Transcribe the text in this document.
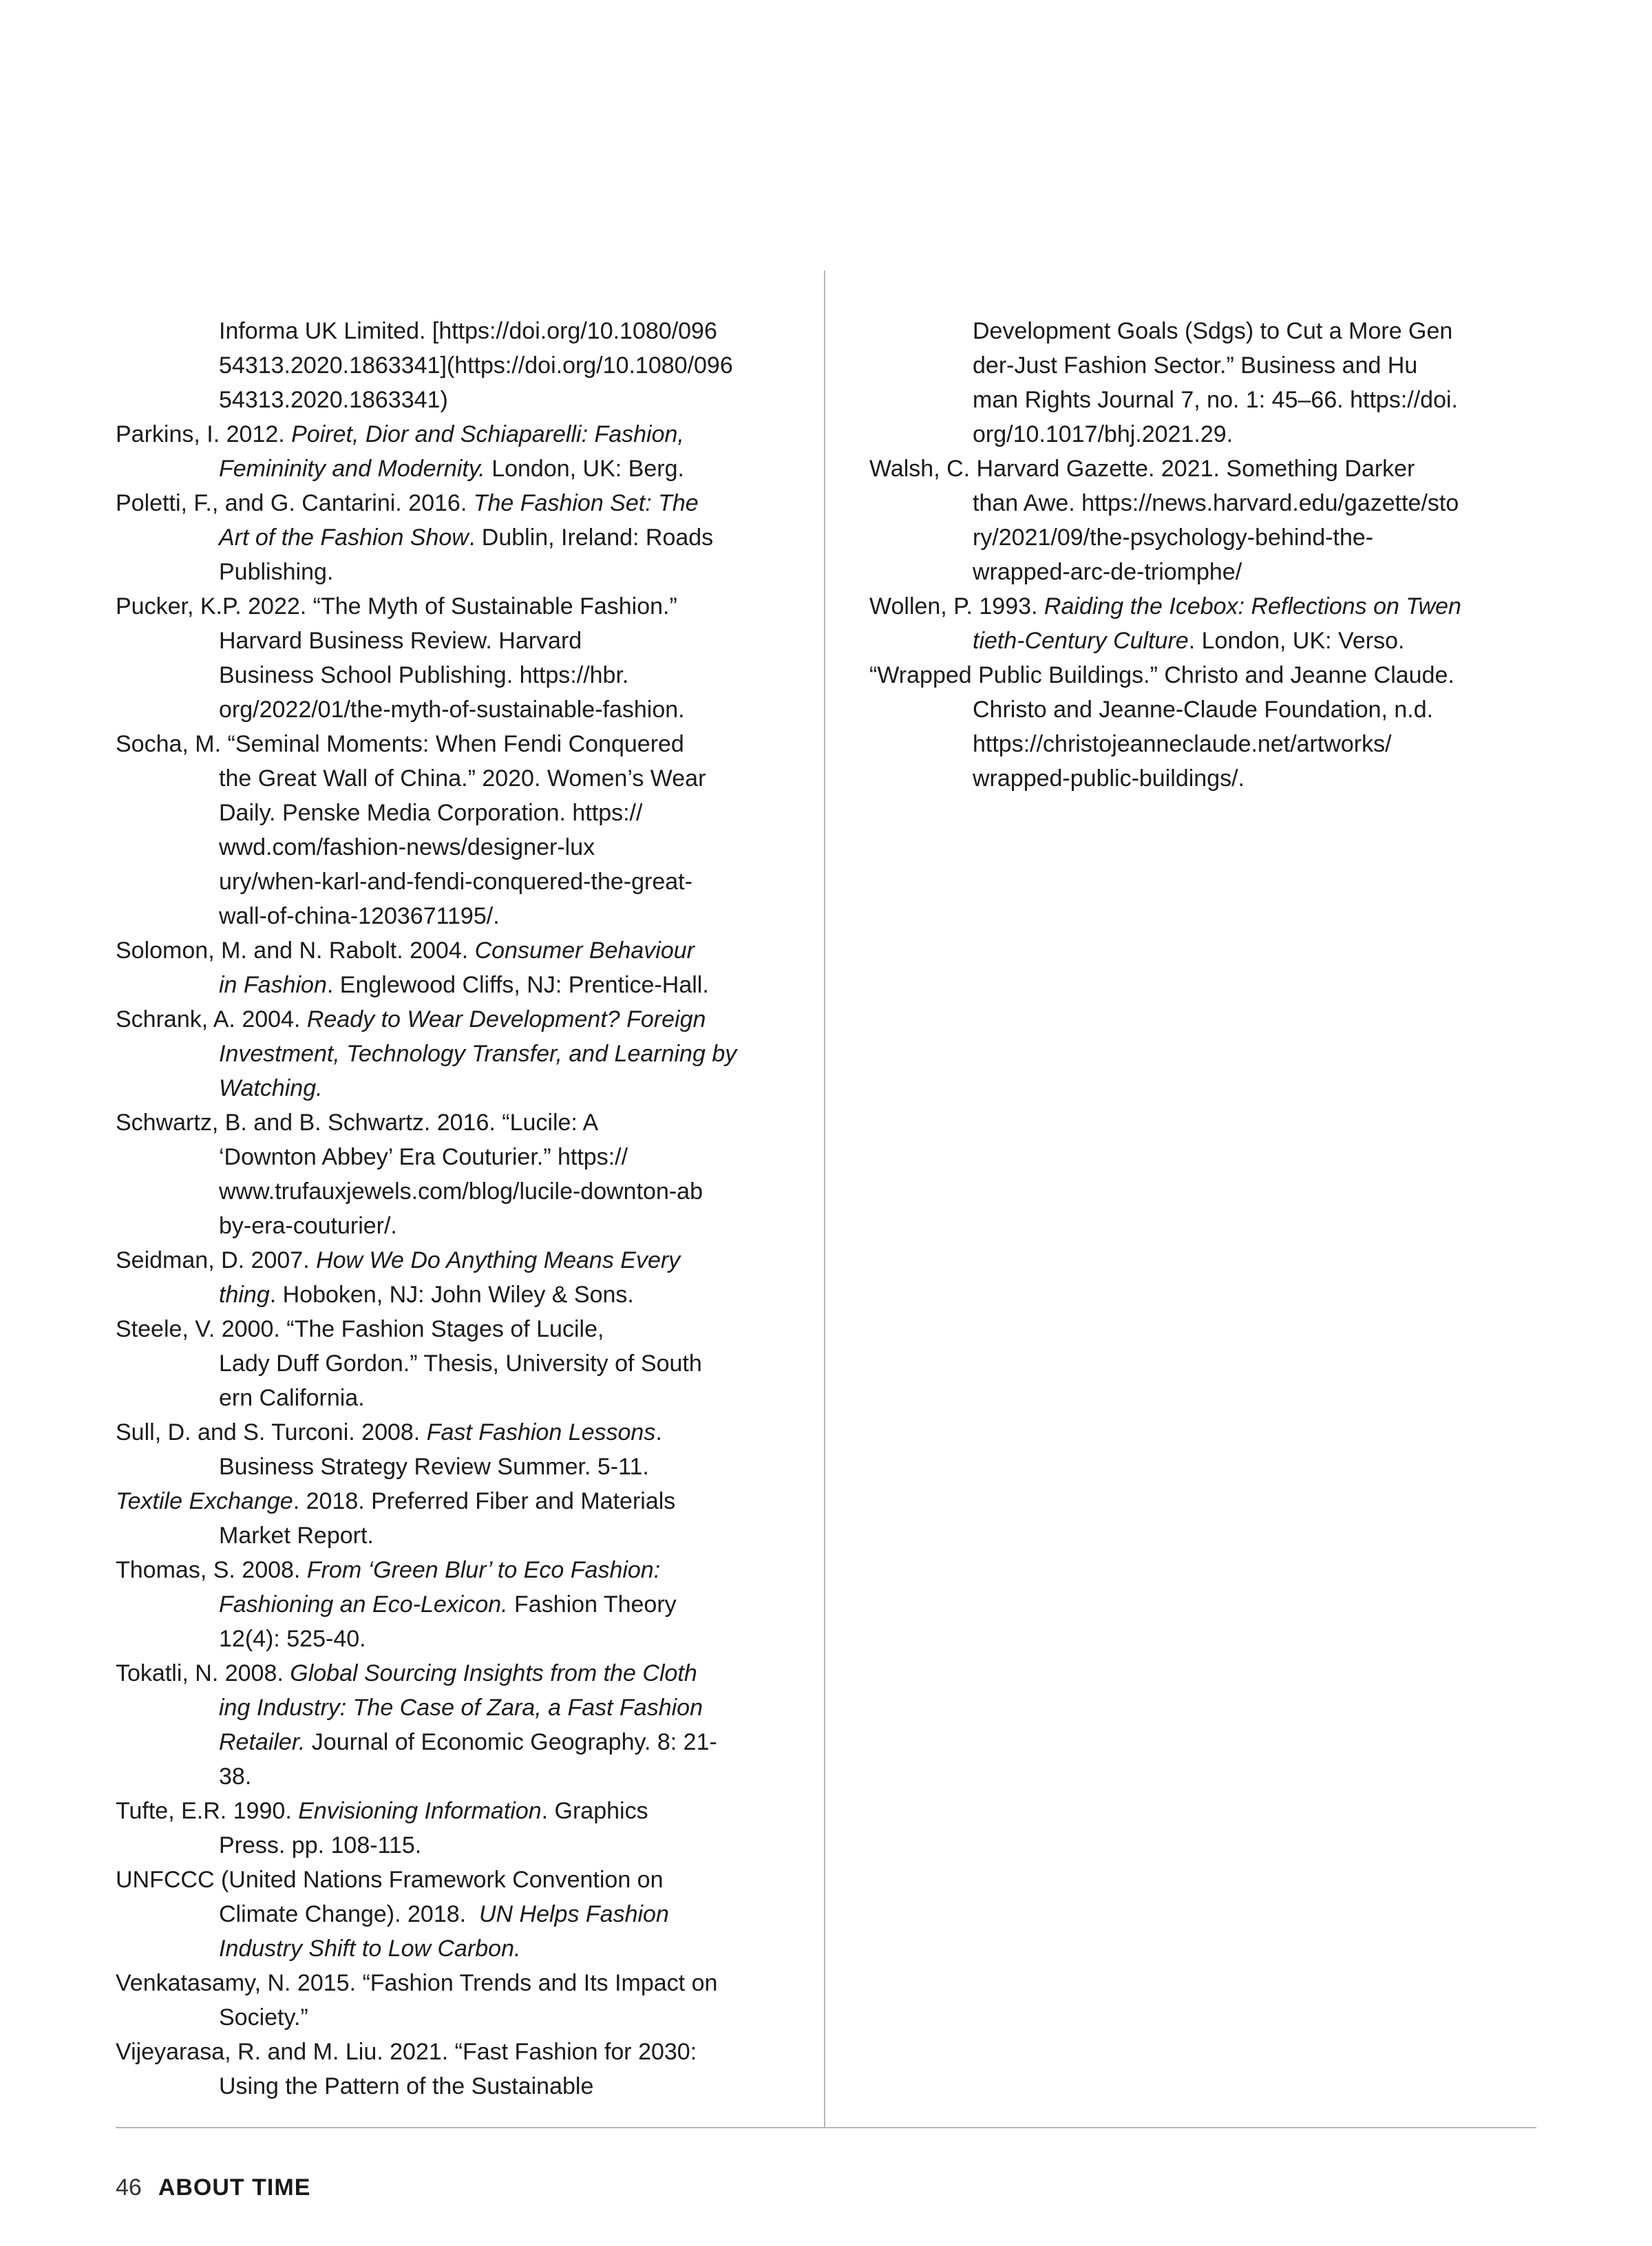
Informa UK Limited. [https://doi.org/10.1080/096
54313.2020.1863341](https://doi.org/10.1080/096
54313.2020.1863341)
Parkins, I. 2012. Poiret, Dior and Schiaparelli: Fashion,
Femininity and Modernity. London, UK: Berg.
Poletti, F., and G. Cantarini. 2016. The Fashion Set: The
Art of the Fashion Show. Dublin, Ireland: Roads
Publishing.
Pucker, K.P. 2022. “The Myth of Sustainable Fashion.”
Harvard Business Review. Harvard
Business School Publishing. https://hbr.
org/2022/01/the-myth-of-sustainable-fashion.
Socha, M. “Seminal Moments: When Fendi Conquered
the Great Wall of China.” 2020. Women’s Wear
Daily. Penske Media Corporation. https://
wwd.com/fashion-news/designer-lux
ury/when-karl-and-fendi-conquered-the-great-
wall-of-china-1203671195/.
Solomon, M. and N. Rabolt. 2004. Consumer Behaviour
in Fashion. Englewood Cliffs, NJ: Prentice-Hall.
Schrank, A. 2004. Ready to Wear Development? Foreign
Investment, Technology Transfer, and Learning by
Watching.
Schwartz, B. and B. Schwartz. 2016. “Lucile: A
‘Downton Abbey’ Era Couturier.” https://
www.trufauxjewels.com/blog/lucile-downton-ab
by-era-couturier/.
Seidman, D. 2007. How We Do Anything Means Every
thing. Hoboken, NJ: John Wiley & Sons.
Steele, V. 2000. “The Fashion Stages of Lucile,
Lady Duff Gordon.” Thesis, University of South
ern California.
Sull, D. and S. Turconi. 2008. Fast Fashion Lessons.
Business Strategy Review Summer. 5-11.
Textile Exchange. 2018. Preferred Fiber and Materials
Market Report.
Thomas, S. 2008. From ‘Green Blur’ to Eco Fashion:
Fashioning an Eco-Lexicon. Fashion Theory
12(4): 525-40.
Tokatli, N. 2008. Global Sourcing Insights from the Cloth
ing Industry: The Case of Zara, a Fast Fashion
Retailer. Journal of Economic Geography. 8: 21-
38.
Tufte, E.R. 1990. Envisioning Information. Graphics
Press. pp. 108-115.
UNFCCC (United Nations Framework Convention on
Climate Change). 2018.  UN Helps Fashion
Industry Shift to Low Carbon.
Venkatasamy, N. 2015. “Fashion Trends and Its Impact on
Society.”
Vijeyarasa, R. and M. Liu. 2021. “Fast Fashion for 2030:
Using the Pattern of the Sustainable
Development Goals (Sdgs) to Cut a More Gen
der-Just Fashion Sector.” Business and Hu
man Rights Journal 7, no. 1: 45–66. https://doi.
org/10.1017/bhj.2021.29.
Walsh, C. Harvard Gazette. 2021. Something Darker
than Awe. https://news.harvard.edu/gazette/sto
ry/2021/09/the-psychology-behind-the-
wrapped-arc-de-triomphe/
Wollen, P. 1993. Raiding the Icebox: Reflections on Twen
tieth-Century Culture. London, UK: Verso.
“Wrapped Public Buildings.” Christo and Jeanne Claude.
Christo and Jeanne-Claude Foundation, n.d.
https://christojeanneclaude.net/artworks/
wrapped-public-buildings/.
46 ABOUT TIME
